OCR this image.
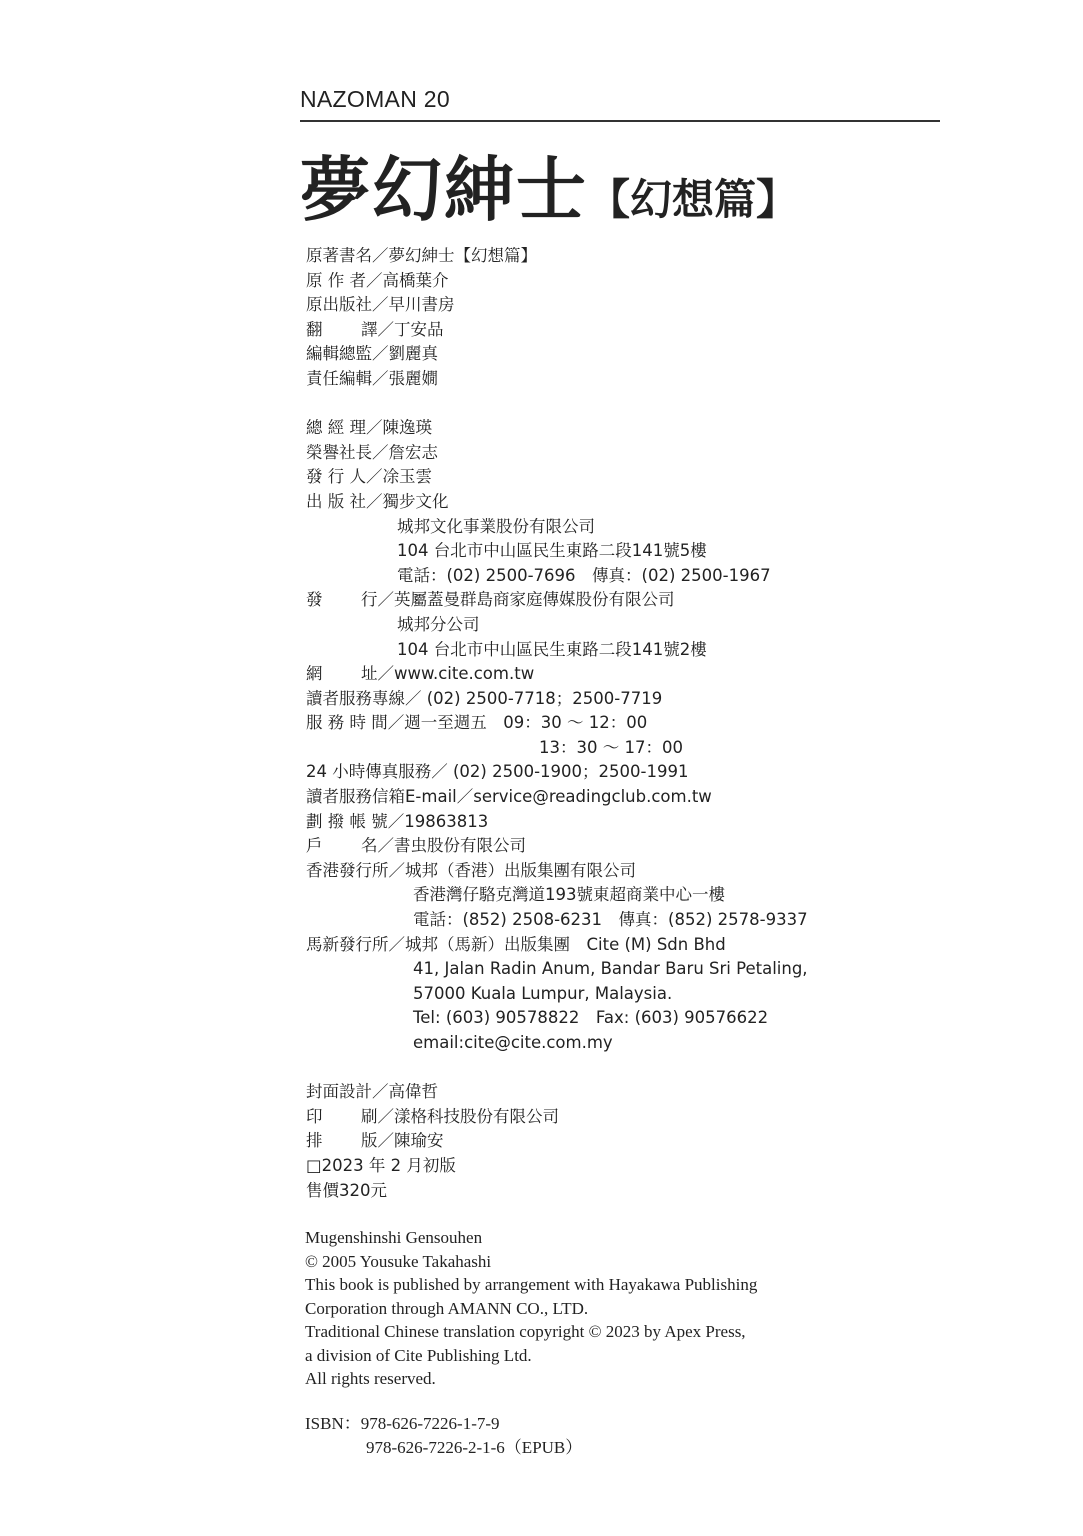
NAZOMAN 20
夢幻紳士【幻想篇】
原著書名／夢幻紳士【幻想篇】
原 作 者／高橋葉介
原出版社／早川書房
翻 譯／丁安品
編輯總監／劉麗真
責任編輯／張麗嫺
總 經 理／陳逸瑛
榮譽社長／詹宏志
發 行 人／凃玉雲
出 版 社／獨步文化
城邦文化事業股份有限公司
104 台北市中山區民生東路二段141號5樓
電話：(02) 2500-7696　傳真：(02) 2500-1967
發 行／英屬蓋曼群島商家庭傳媒股份有限公司
城邦分公司
104 台北市中山區民生東路二段141號2樓
網 址／www.cite.com.tw
讀者服務專線／ (02) 2500-7718；2500-7719
服 務 時 間／週一至週五　09：30 ～ 12：00
13：30 ～ 17：00
24 小時傳真服務／ (02) 2500-1900；2500-1991
讀者服務信箱E-mail／service@readingclub.com.tw
劃 撥 帳 號／19863813
戶 名／書虫股份有限公司
香港發行所／城邦（香港）出版集團有限公司
香港灣仔駱克灣道193號東超商業中心一樓
電話：(852) 2508-6231　傳真：(852) 2578-9337
馬新發行所／城邦（馬新）出版集團　Cite (M) Sdn Bhd
41, Jalan Radin Anum, Bandar Baru Sri Petaling,
57000 Kuala Lumpur, Malaysia.
Tel: (603) 90578822　Fax: (603) 90576622
email:cite@cite.com.my
封面設計／高偉哲
印 刷／漾格科技股份有限公司
排 版／陳瑜安
□2023 年 2 月初版
售價320元
Mugenshinshi Gensouhen
© 2005 Yousuke Takahashi
This book is published by arrangement with Hayakawa Publishing
Corporation through AMANN CO., LTD.
Traditional Chinese translation copyright © 2023 by Apex Press,
a division of Cite Publishing Ltd.
All rights reserved.
ISBN：978-626-7226-1-7-9
978-626-7226-2-1-6（EPUB）
